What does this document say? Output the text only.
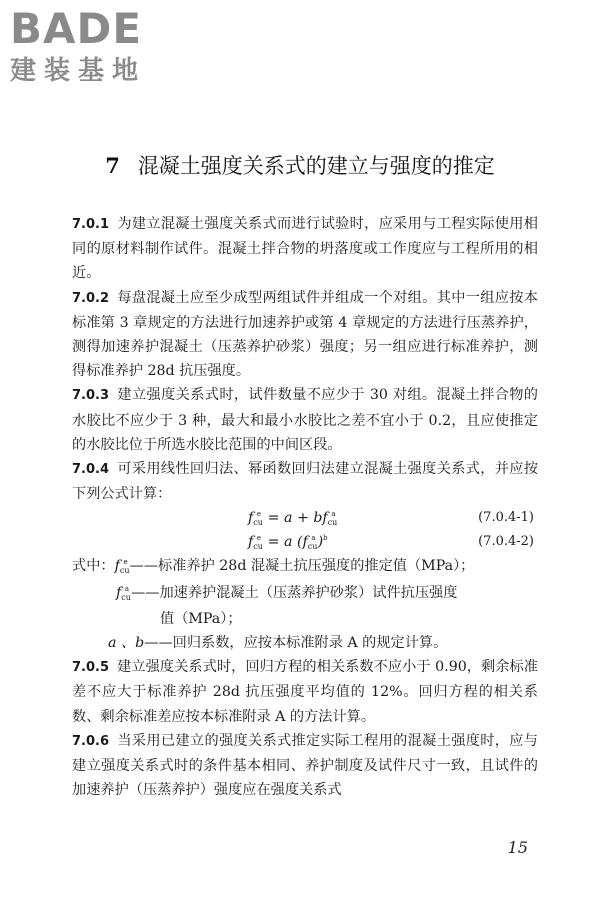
BADE
建装基地
7 混凝土强度关系式的建立与强度的推定

7.0.1 为建立混凝土强度关系式而进行试验时，应采用与工程实际使用相同的原材料制作试件。混凝土拌合物的坍落度或工作度应与工程所用的相近。

7.0.2 每盘混凝土应至少成型两组试件并组成一个对组。其中一组应按本标准第 3 章规定的方法进行加速养护或第 4 章规定的方法进行压蒸养护，测得加速养护混凝土（压蒸养护砂浆）强度；另一组应进行标准养护，测得标准养护 28d 抗压强度。

7.0.3 建立强度关系式时，试件数量不应少于 30 对组。混凝土拌合物的水胶比不应少于 3 种，最大和最小水胶比之差不宜小于 0.2，且应使推定的水胶比位于所选水胶比范围的中间区段。

7.0.4 可采用线性回归法、幂函数回归法建立混凝土强度关系式，并应按下列公式计算：

$f_{cu}^e = a + bf_{cu}^a$	(7.0.4-1)
$f_{cu}^e = a$ ($f_{cu}^a$ )$^b$	(7.0.4-2)

式中：$f_{cu}^e$ ——标准养护 28d 混凝土抗压强度的推定值（MPa）；

$f_{cu}^a$ ——加速养护混凝土（压蒸养护砂浆）试件抗压强度

值（MPa）；

a 、b——回归系数，应按本标准附录 A 的规定计算。

7.0.5 建立强度关系式时，回归方程的相关系数不应小于 0.90，剩余标准差不应大于标准养护 28d 抗压强度平均值的 12%。回归方程的相关系数、剩余标准差应按本标准附录 A 的方法计算。

7.0.6 当采用已建立的强度关系式推定实际工程用的混凝土强度时，应与建立强度关系式时的条件基本相同、养护制度及试件尺寸一致，且试件的加速养护（压蒸养护）强度应在强度关系式

15
